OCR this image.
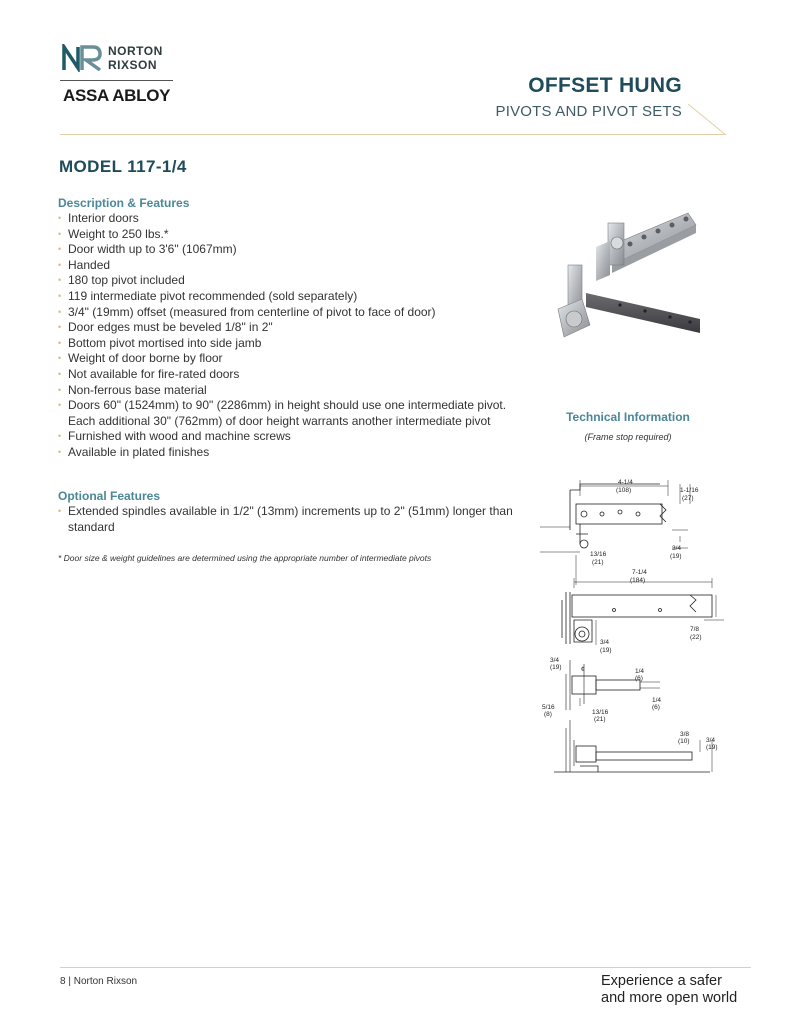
NORTON
RIXSON
ASSA ABLOY	OFFSET HUNG
PIVOTS AND PIVOT SETS
MODEL 117-1/4
Description & Features
• Interior doors
• Weight to 250 lbs.*
• Door width up to 3'6" (1067mm)
• Handed
• 180 top pivot included
• 119 intermediate pivot recommended (sold separately)
• 3/4" (19mm) offset (measured from centerline of pivot to face of door)
• Door edges must be beveled 1/8" in 2"
• Bottom pivot mortised into side jamb
• Weight of door borne by floor
• Not available for fire-rated doors
• Non-ferrous base material
• Doors 60" (1524mm) to 90" (2286mm) in height should use one intermediate pivot. Each additional 30" (762mm) of door height warrants another intermediate pivot
• Furnished with wood and machine screws
• Available in plated finishes
Optional Features
• Extended spindles available in 1/2" (13mm) increments up to 2" (51mm) longer than standard
* Door size & weight guidelines are determined using the appropriate number of intermediate pivots
Technical Information
(Frame stop required)
4-1/4
(108)	1-1/16
(27)
3/4
(19)
13/16
(21)
7-1/4
(184)
7/8
(22)
3/4
(19)
3/4
(19)	¢	1/4
(6)
1/4
(6)
5/16
(8)	13/16
(21)
3/8
(10)	3/4
(19)
8 | Norton Rixson	Experience a safer
and more open world
